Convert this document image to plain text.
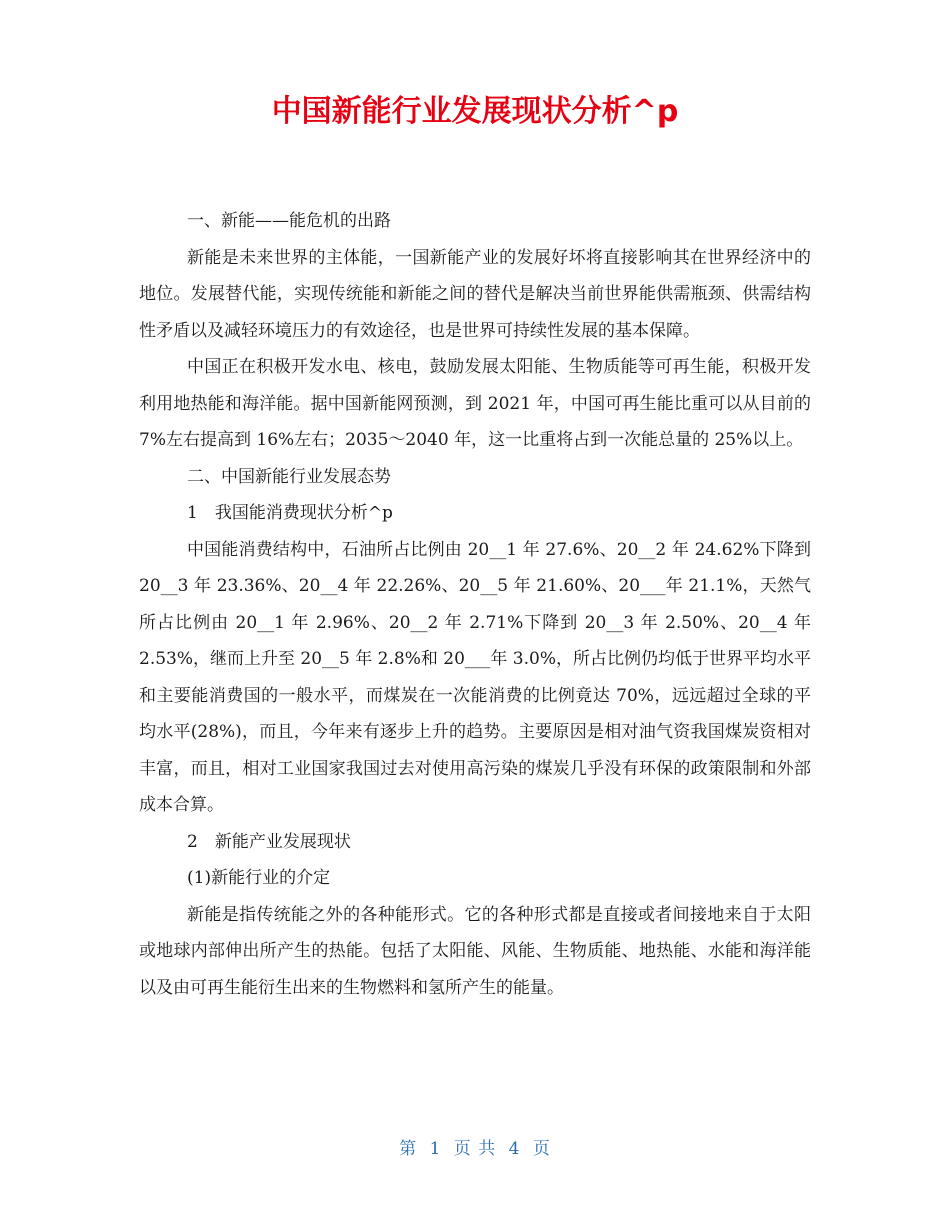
中国新能行业发展现状分析^p

一、新能——能危机的出路

新能是未来世界的主体能，一国新能产业的发展好坏将直接影响其在世界经济中的地位。发展替代能，实现传统能和新能之间的替代是解决当前世界能供需瓶颈、供需结构性矛盾以及减轻环境压力的有效途径，也是世界可持续性发展的基本保障。

中国正在积极开发水电、核电，鼓励发展太阳能、生物质能等可再生能，积极开发利用地热能和海洋能。据中国新能网预测，到 2021 年，中国可再生能比重可以从目前的 7%左右提高到 16%左右；2035～2040 年，这一比重将占到一次能总量的 25%以上。

二、中国新能行业发展态势

1　我国能消费现状分析^p

中国能消费结构中，石油所占比例由 20__1 年 27.6%、20__2 年 24.62%下降到 20__3 年 23.36%、20__4 年 22.26%、20__5 年 21.60%、20___年 21.1%，天然气所占比例由 20__1 年 2.96%、20__2 年 2.71%下降到 20__3 年 2.50%、20__4 年 2.53%，继而上升至 20__5 年 2.8%和 20___年 3.0%，所占比例仍均低于世界平均水平和主要能消费国的一般水平，而煤炭在一次能消费的比例竟达 70%，远远超过全球的平均水平(28%)，而且，今年来有逐步上升的趋势。主要原因是相对油气资我国煤炭资相对丰富，而且，相对工业国家我国过去对使用高污染的煤炭几乎没有环保的政策限制和外部成本合算。

2　新能产业发展现状

(1)新能行业的介定

新能是指传统能之外的各种能形式。它的各种形式都是直接或者间接地来自于太阳或地球内部伸出所产生的热能。包括了太阳能、风能、生物质能、地热能、水能和海洋能以及由可再生能衍生出来的生物燃料和氢所产生的能量。

第 1 页 共 4 页
